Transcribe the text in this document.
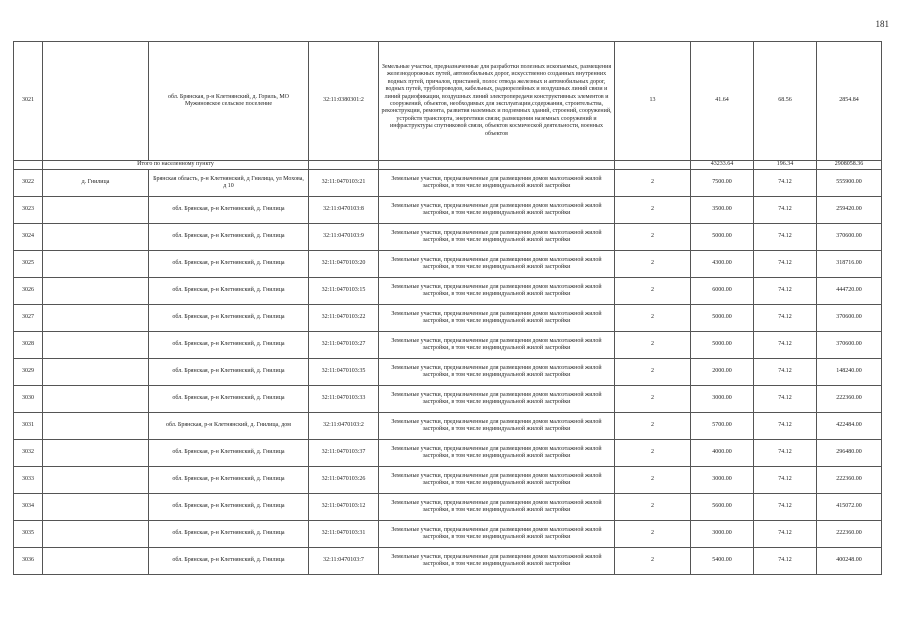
181
3021		обл. Брянская, р-н Клетнянский, д. Гориль, МО Мужиновское сельское поселение	32:11:0380301:2	Земельные участки, предназначенные для разработки полезных ископаемых, размещения железнодорожных путей, автомобильных дорог, искусственно созданных внутренних водных путей, причалов, пристаней, полос отвода железных и автомобильных дорог, водных путей, трубопроводов, кабельных, радиорелейных и воздушных линий связи и линий радиофикации, воздушных линий электропередачи конструктивных элементов и сооружений, объектов, необходимых для эксплуатации,содержания, строительства, реконструкции, ремонта, развития наземных и подземных зданий, строений, сооружений, устройств транспорта, энергетики связи; размещения наземных сооружений и инфраструктуры спутниковой связи, объектов космической деятельности, военных объектов	13	41.64	68.56	2854.84
	Итого по населенному пункту					43233.64	196.34	2908058.36
3022	д. Гнилица	Брянская область, р-н Клетнянский, д Гнилица, ул Мохова, д 10	32:11:0470103:21	Земельные участки, предназначенные для размещения домов малоэтажной жилой застройки, в том числе индивидуальной жилой застройки	2	7500.00	74.12	555900.00
3023		обл. Брянская, р-н Клетнянский, д. Гнилица	32:11:0470103:8	Земельные участки, предназначенные для размещения домов малоэтажной жилой застройки, в том числе индивидуальной жилой застройки	2	3500.00	74.12	259420.00
3024		обл. Брянская, р-н Клетнянский, д. Гнилица	32:11:0470103:9	Земельные участки, предназначенные для размещения домов малоэтажной жилой застройки, в том числе индивидуальной жилой застройки	2	5000.00	74.12	370600.00
3025		обл. Брянская, р-н Клетнянский, д. Гнилица	32:11:0470103:20	Земельные участки, предназначенные для размещения домов малоэтажной жилой застройки, в том числе индивидуальной жилой застройки	2	4300.00	74.12	318716.00
3026		обл. Брянская, р-н Клетнянский, д. Гнилица	32:11:0470103:15	Земельные участки, предназначенные для размещения домов малоэтажной жилой застройки, в том числе индивидуальной жилой застройки	2	6000.00	74.12	444720.00
3027		обл. Брянская, р-н Клетнянский, д. Гнилица	32:11:0470103:22	Земельные участки, предназначенные для размещения домов малоэтажной жилой застройки, в том числе индивидуальной жилой застройки	2	5000.00	74.12	370600.00
3028		обл. Брянская, р-н Клетнянский, д. Гнилица	32:11:0470103:27	Земельные участки, предназначенные для размещения домов малоэтажной жилой застройки, в том числе индивидуальной жилой застройки	2	5000.00	74.12	370600.00
3029		обл. Брянская, р-н Клетнянский, д. Гнилица	32:11:0470103:35	Земельные участки, предназначенные для размещения домов малоэтажной жилой застройки, в том числе индивидуальной жилой застройки	2	2000.00	74.12	148240.00
3030		обл. Брянская, р-н Клетнянский, д. Гнилица	32:11:0470103:33	Земельные участки, предназначенные для размещения домов малоэтажной жилой застройки, в том числе индивидуальной жилой застройки	2	3000.00	74.12	222360.00
3031		обл. Брянская, р-н Клетнянский, д. Гнилица, дом	32:11:0470103:2	Земельные участки, предназначенные для размещения домов малоэтажной жилой застройки, в том числе индивидуальной жилой застройки	2	5700.00	74.12	422484.00
3032		обл. Брянская, р-н Клетнянский, д. Гнилица	32:11:0470103:37	Земельные участки, предназначенные для размещения домов малоэтажной жилой застройки, в том числе индивидуальной жилой застройки	2	4000.00	74.12	296480.00
3033		обл. Брянская, р-н Клетнянский, д. Гнилица	32:11:0470103:26	Земельные участки, предназначенные для размещения домов малоэтажной жилой застройки, в том числе индивидуальной жилой застройки	2	3000.00	74.12	222360.00
3034		обл. Брянская, р-н Клетнянский, д. Гнилица	32:11:0470103:12	Земельные участки, предназначенные для размещения домов малоэтажной жилой застройки, в том числе индивидуальной жилой застройки	2	5600.00	74.12	415072.00
3035		обл. Брянская, р-н Клетнянский, д. Гнилица	32:11:0470103:31	Земельные участки, предназначенные для размещения домов малоэтажной жилой застройки, в том числе индивидуальной жилой застройки	2	3000.00	74.12	222360.00
3036		обл. Брянская, р-н Клетнянский, д. Гнилица	32:11:0470103:7	Земельные участки, предназначенные для размещения домов малоэтажной жилой застройки, в том числе индивидуальной жилой застройки	2	5400.00	74.12	400248.00
